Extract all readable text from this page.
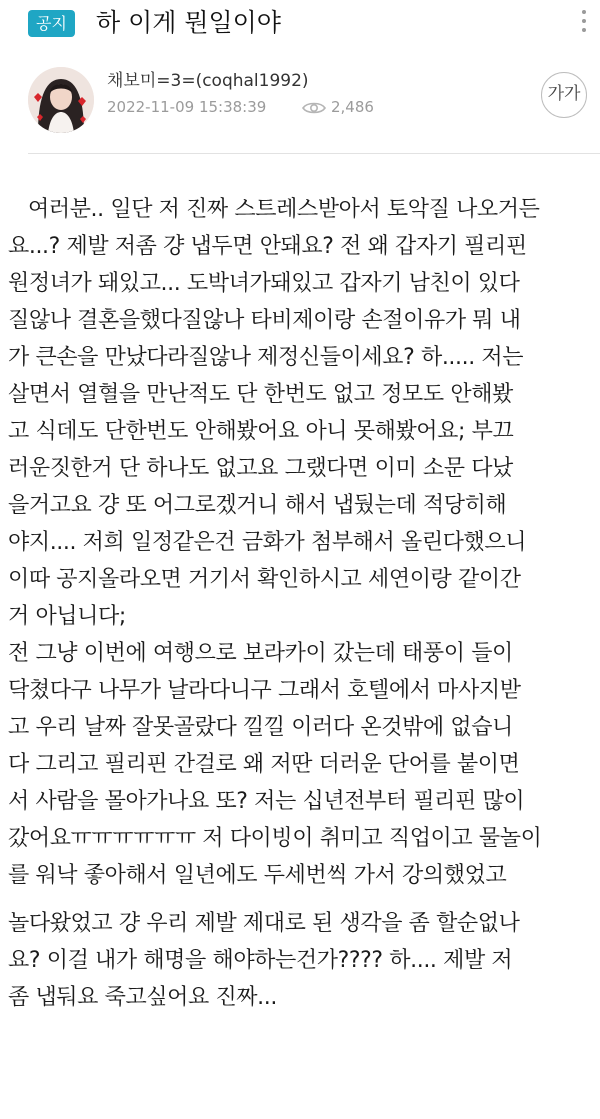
공지	하 이게 뭔일이야
채보미=3=(coqhal1992)
2022-11-09 15:38:39	2,486
가가
여러분.. 일단 저 진짜 스트레스받아서 토악질 나오거든
요...? 제발 저좀 걍 냅두면 안돼요? 전 왜 갑자기 필리핀
원정녀가 돼있고... 도박녀가돼있고 갑자기 남친이 있다
질않나 결혼을했다질않나 타비제이랑 손절이유가 뭐 내
가 큰손을 만났다라질않나 제정신들이세요? 하..... 저는
살면서 열혈을 만난적도 단 한번도 없고 정모도 안해봤
고 식데도 단한번도 안해봤어요 아니 못해봤어요; 부끄
러운짓한거 단 하나도 없고요 그랬다면 이미 소문 다났
을거고요 걍 또 어그로겠거니 해서 냅뒀는데 적당히해
야지.... 저희 일정같은건 금화가 첨부해서 올린다했으니
이따 공지올라오면 거기서 확인하시고 세연이랑 같이간
거 아닙니다;
전 그냥 이번에 여행으로 보라카이 갔는데 태풍이 들이
닥쳤다구 나무가 날라다니구 그래서 호텔에서 마사지받
고 우리 날짜 잘못골랐다 낄낄 이러다 온것밖에 없습니
다 그리고 필리핀 간걸로 왜 저딴 더러운 단어를 붙이면
서 사람을 몰아가나요 또? 저는 십년전부터 필리핀 많이
갔어요ㅠㅠㅠㅠㅠㅠ 저 다이빙이 취미고 직업이고 물놀이
를 워낙 좋아해서 일년에도 두세번씩 가서 강의했었고
놀다왔었고 걍 우리 제발 제대로 된 생각을 좀 할순없나
요? 이걸 내가 해명을 해야하는건가???? 하.... 제발 저
좀 냅둬요 죽고싶어요 진짜...
